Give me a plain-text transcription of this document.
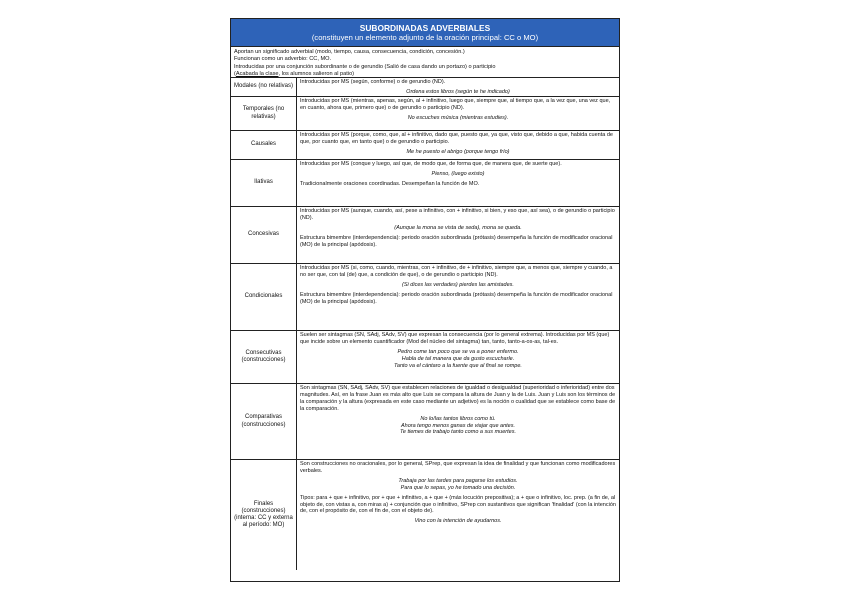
SUBORDINADAS ADVERBIALES
(constituyen un elemento adjunto de la oración principal: CC o MO)
Aportan un significado adverbial (modo, tiempo, causa, consecuencia, condición, concesión.)
Funcionan como un adverbio: CC, MO.
Introducidas por una conjunción subordinante o de gerundio (Salió de casa dando un portazo) o participio
(Acabada la clase, los alumnos salieron al patio)
Modales (no relativas)

Introducidas por MS (según, conforme) o de gerundio (ND).

Ordena estos libros (según te he indicado)

Temporales (no relativas)

Introducidas por MS (mientras, apenas, según, al + infinitivo, luego que, siempre que, al tiempo que, a la vez que, una vez que, en cuanto, ahora que, primero que) o de gerundio o participio (ND).

No escuches música (mientras estudies).

Causales

Introducidas por MS (porque, como, que, al + infinitivo, dado que, puesto que, ya que, visto que, debido a que, habida cuenta de que, por cuanto que, en tanto que) o de gerundio o participio.

Me he puesto el abrigo (porque tengo frío)

Ilativas

Introducidas por MS (conque y luego, así que, de modo que, de forma que, de manera que, de suerte que).

Pienso, (luego existo)

Tradicionalmente oraciones coordinadas. Desempeñan la función de MO.

Concesivas

Introducidas por MS (aunque, cuando, así, pese a infinitivo, con + infinitivo, si bien, y eso que, así sea), o de gerundio o participio (ND).

(Aunque la mona se vista de seda), mona se queda.

Estructura bimembre (interdependencia): periodo oración subordinada (prótasis) desempeña la función de modificador oracional (MO) de la principal (apódosis).

Condicionales

Introducidas por MS (si, como, cuando, mientras, con + infinitivo, de + infinitivo, siempre que, a menos que, siempre y cuando, a no ser que, con tal (de) que, a condición de que), o de gerundio o participio (ND).

(Si dices las verdades) pierdes las amistades.

Estructura bimembre (interdependencia): periodo oración subordinada (prótasis) desempeña la función de modificador oracional (MO) de la principal (apódosis).

Consecutivas (construcciones)

Suelen ser sintagmas (SN, SAdj, SAdv, SV) que expresan la consecuencia (por lo general extrema). Introducidas por MS (que) que incide sobre un elemento cuantificador (Mod del núcleo del sintagma) tan, tanto, tanto-a-os-as, tal-es.

Pedro come tan poco que se va a poner enfermo.

Habla de tal manera que da gusto escucharle.

Tanto va el cántaro a la fuente que al final se rompe.

Comparativas (construcciones)

Son sintagmas (SN, SAdj, SAdv, SV) que establecen relaciones de igualdad o desigualdad (superioridad o inferioridad) entre dos magnitudes. Así, en la frase Juan es más alto que Luis se compara la altura de Juan y la de Luis. Juan y Luis son los términos de la comparación y la altura (expresada en este caso mediante un adjetivo) es la noción o cualidad que se establece como base de la comparación.

No lo/las tantos libros como tú.

Ahora tengo menos ganas de viajar que antes.

Te tiemes de trabajo tanto como a sus muertes.

Finales (construcciones) (interna: CC y externa al período: MO)

Son construcciones no oracionales, por lo general, SPrep, que expresan la idea de finalidad y que funcionan como modificadores verbales.

Trabaja por las tardes para pagarse los estudios.

Para que lo sepas, yo he tomado una decisión.

Tipos: para + que + infinitivo, por + que + infinitivo, a + que + (más locución prepositiva); a + que o infinitivo, loc. prep. (a fin de, al objeto de, con vistas a, con miras a) + conjunción que o infinitivo, SPrep con sustantivos que significan 'finalidad' (con la intención de, con el propósito de, con el fin de, con el objeto de).

Vino con la intención de ayudarnos.
